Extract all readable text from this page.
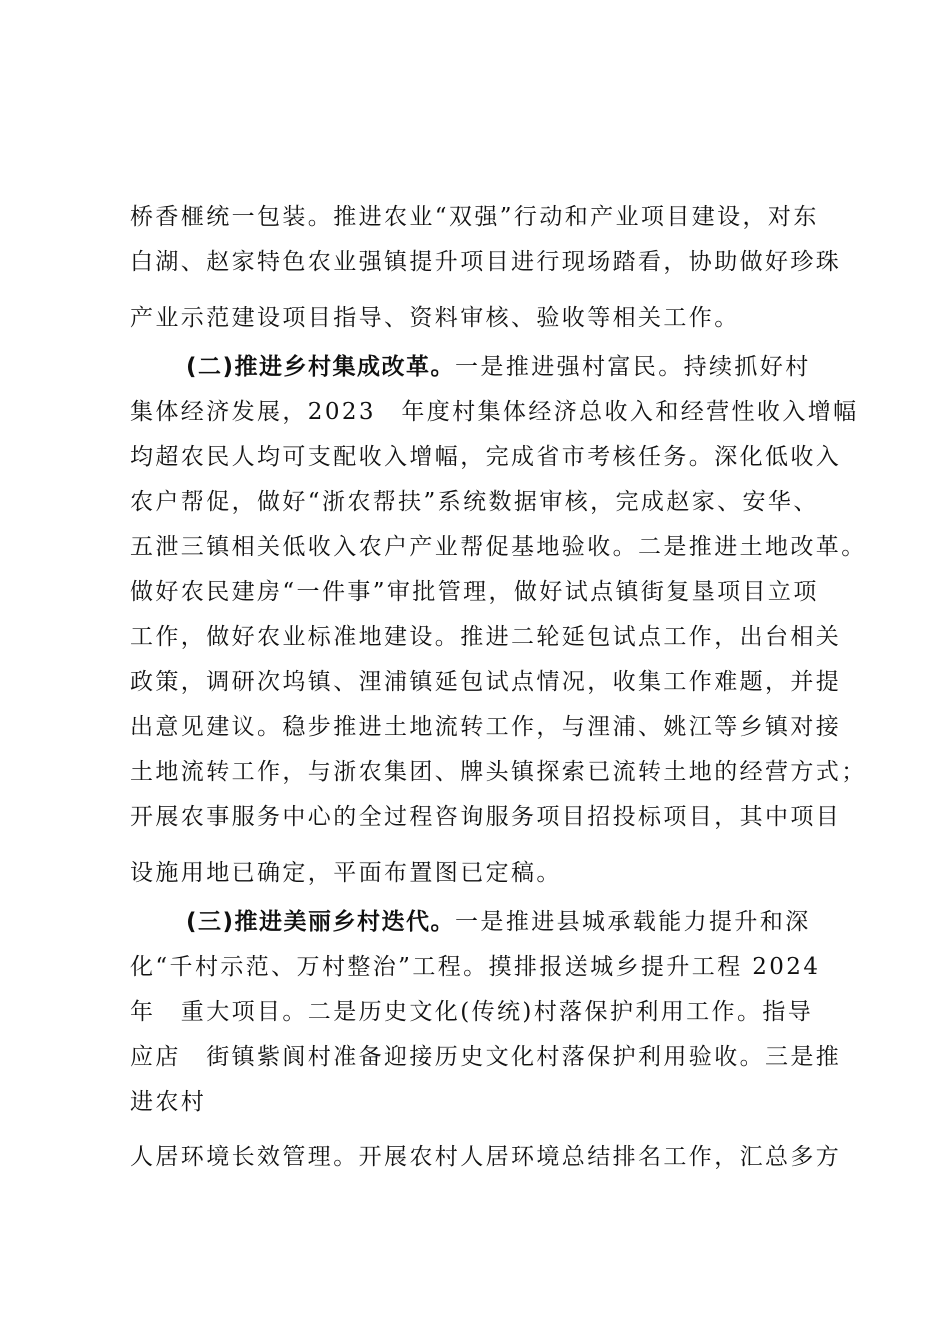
桥香榧统一包装。推进农业“双强”行动和产业项目建设，对东
白湖、赵家特色农业强镇提升项目进行现场踏看，协助做好珍珠
产业示范建设项目指导、资料审核、验收等相关工作。
(二)推进乡村集成改革。一是推进强村富民。持续抓好村
集体经济发展，2023　年度村集体经济总收入和经营性收入增幅
均超农民人均可支配收入增幅，完成省市考核任务。深化低收入
农户帮促，做好“浙农帮扶”系统数据审核，完成赵家、安华、
五泄三镇相关低收入农户产业帮促基地验收。二是推进土地改革。
做好农民建房“一件事”审批管理，做好试点镇街复垦项目立项
工作，做好农业标准地建设。推进二轮延包试点工作，出台相关
政策，调研次坞镇、浬浦镇延包试点情况，收集工作难题，并提
出意见建议。稳步推进土地流转工作，与浬浦、姚江等乡镇对接
土地流转工作，与浙农集团、牌头镇探索已流转土地的经营方式；
开展农事服务中心的全过程咨询服务项目招投标项目，其中项目
设施用地已确定，平面布置图已定稿。
(三)推进美丽乡村迭代。一是推进县城承载能力提升和深
化“千村示范、万村整治”工程。摸排报送城乡提升工程 2024
年　重大项目。二是历史文化(传统)村落保护利用工作。指导
应店　街镇紫阆村准备迎接历史文化村落保护利用验收。三是推
进农村
人居环境长效管理。开展农村人居环境总结排名工作，汇总多方
